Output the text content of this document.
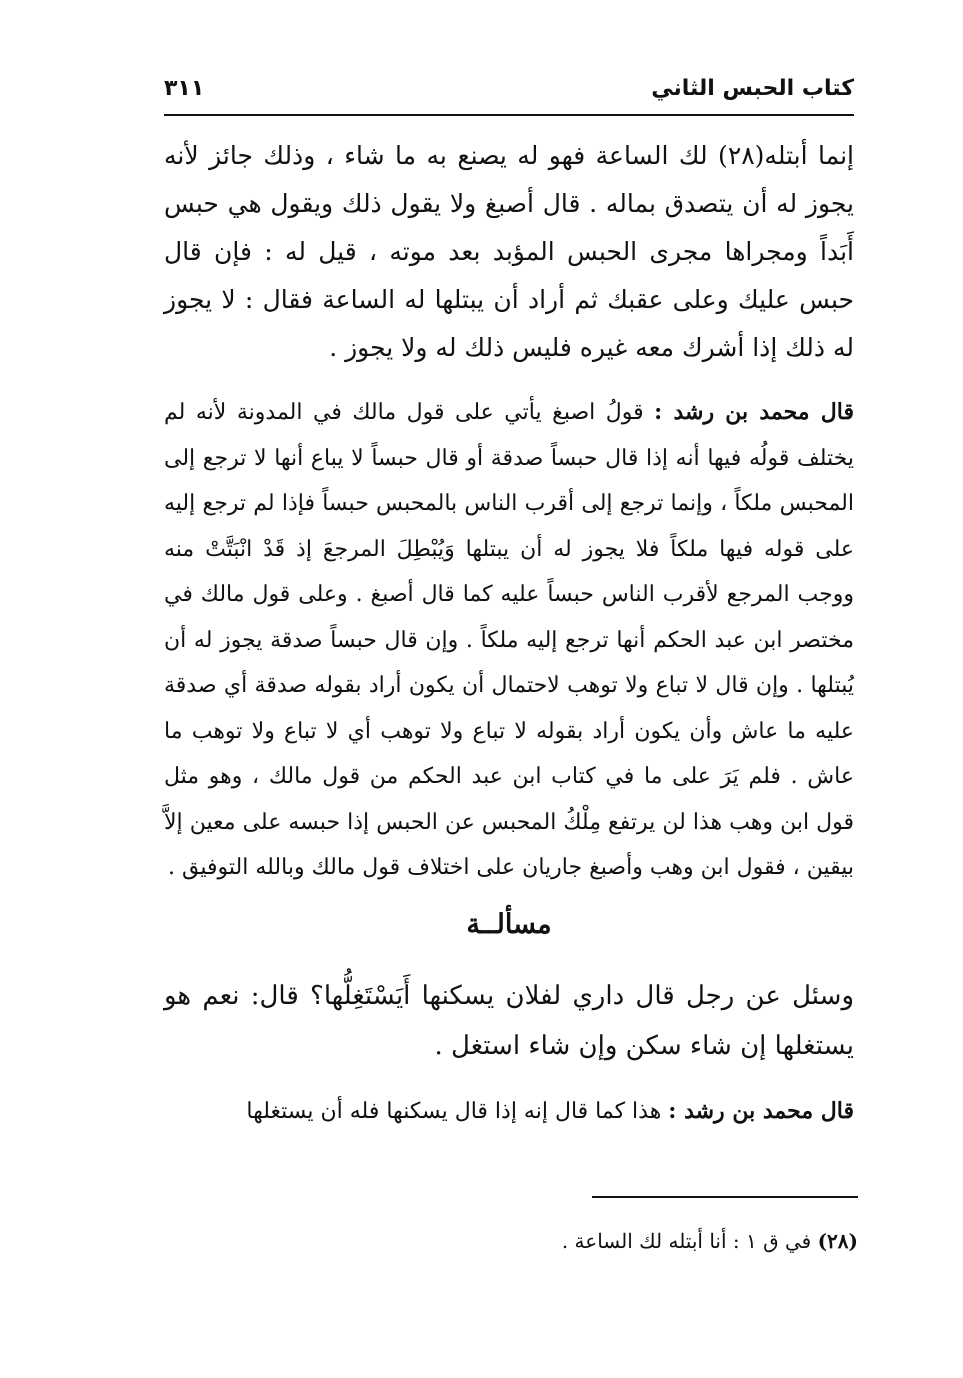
كتاب الحبس الثاني
٣١١

إنما أبتله(٢٨) لك الساعة فهو له يصنع به ما شاء ، وذلك جائز لأنه يجوز له أن يتصدق بماله . قال أصبغ ولا يقول ذلك ويقول هي حبس أَبَداً ومجراها مجرى الحبس المؤبد بعد موته ، قيل له : فإن قال حبس عليك وعلى عقبك ثم أراد أن يبتلها له الساعة فقال : لا يجوز له ذلك إذا أشرك معه غيره فليس ذلك له ولا يجوز .

قال محمد بن رشد : قولُ اصبغ يأتي على قول مالك في المدونة لأنه لم يختلف قولُه فيها أنه إذا قال حبساً صدقة أو قال حبساً لا يباع أنها لا ترجع إلى المحبس ملكاً ، وإنما ترجع إلى أقرب الناس بالمحبس حبساً فإذا لم ترجع إليه على قوله فيها ملكاً فلا يجوز له أن يبتلها وَيُبْطِلَ المرجعَ إذ قَدْ انْبَتَّتْ منه ووجب المرجع لأقرب الناس حبساً عليه كما قال أصبغ . وعلى قول مالك في مختصر ابن عبد الحكم أنها ترجع إليه ملكاً . وإن قال حبساً صدقة يجوز له أن يُبتلها . وإن قال لا تباع ولا توهب لاحتمال أن يكون أراد بقوله صدقة أي صدقة عليه ما عاش وأن يكون أراد بقوله لا تباع ولا توهب أي لا تباع ولا توهب ما عاش . فلم يَرَ على ما في كتاب ابن عبد الحكم من قول مالك ، وهو مثل قول ابن وهب هذا لن يرتفع مِلْكُ المحبس عن الحبس إذا حبسه على معين إلاَّ بيقين ، فقول ابن وهب وأصبغ جاريان على اختلاف قول مالك وبالله التوفيق .

مسألــة

وسئل عن رجل قال داري لفلان يسكنها أَيَسْتَغِلُّها؟ قال: نعم هو يستغلها إن شاء سكن وإن شاء استغل .

قال محمد بن رشد : هذا كما قال إنه إذا قال يسكنها فله أن يستغلها

(٢٨) في ق ١ : أنا أبتله لك الساعة .
